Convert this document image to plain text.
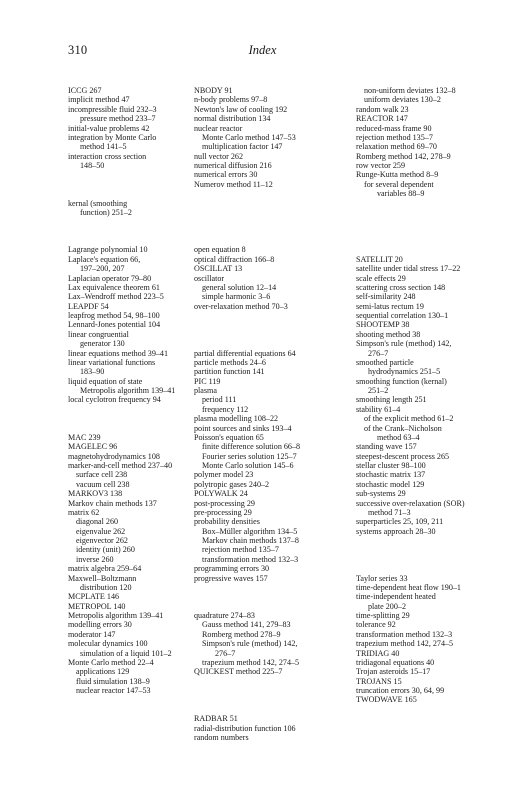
310	Index
ICCG 267
implicit method 47
incompressible fluid 232–3
pressure method 233–7
initial-value problems 42
integration by Monte Carlo
method 141–5
interaction cross section
148–50
kernal (smoothing
function) 251–2
Lagrange polynomial 10
Laplace's equation 66,
197–200, 207
Laplacian operator 79–80
Lax equivalence theorem 61
Lax–Wendroff method 223–5
LEAPDF 54
leapfrog method 54, 98–100
Lennard-Jones potential 104
linear congruential
generator 130
linear equations method 39–41
linear variational functions
183–90
liquid equation of state
Metropolis algorithm 139–41
local cyclotron frequency 94
MAC 239
MAGELEC 96
magnetohydrodynamics 108
marker-and-cell method 237–40
surface cell 238
vacuum cell 238
MARKOV3 138
Markov chain methods 137
matrix 62
diagonal 260
eigenvalue 262
eigenvector 262
identity (unit) 260
inverse 260
matrix algebra 259–64
Maxwell–Boltzmann
distribution 120
MCPLATE 146
METROPOL 140
Metropolis algorithm 139–41
modelling errors 30
moderator 147
molecular dynamics 100
simulation of a liquid 101–2
Monte Carlo method 22–4
applications 129
fluid simulation 138–9
nuclear reactor 147–53
NBODY 91
n-body problems 97–8
Newton's law of cooling 192
normal distribution 134
nuclear reactor
Monte Carlo method 147–53
multiplication factor 147
null vector 262
numerical diffusion 216
numerical errors 30
Numerov method 11–12
open equation 8
optical diffraction 166–8
OSCILLAT 13
oscillator
general solution 12–14
simple harmonic 3–6
over-relaxation method 70–3
partial differential equations 64
particle methods 24–6
partition function 141
PIC 119
plasma
period 111
frequency 112
plasma modelling 108–22
point sources and sinks 193–4
Poisson's equation 65
finite difference solution 66–8
Fourier series solution 125–7
Monte Carlo solution 145–6
polymer model 23
polytropic gases 240–2
POLYWALK 24
post-processing 29
pre-processing 29
probability densities
Box–Müller algorithm 134–5
Markov chain methods 137–8
rejection method 135–7
transformation method 132–3
programming errors 30
progressive waves 157
quadrature 274–83
Gauss method 141, 279–83
Romberg method 278–9
Simpson's rule (method) 142,
276–7
trapezium method 142, 274–5
QUICKEST method 225–7
RADBAR 51
radial-distribution function 106
random numbers
non-uniform deviates 132–8
uniform deviates 130–2
random walk 23
REACTOR 147
reduced-mass frame 90
rejection method 135–7
relaxation method 69–70
Romberg method 142, 278–9
row vector 259
Runge-Kutta method 8–9
for several dependent
variables 88–9
SATELLIT 20
satellite under tidal stress 17–22
scale effects 29
scattering cross section 148
self-similarity 248
semi-latus rectum 19
sequential correlation 130–1
SHOOTEMP 38
shooting method 38
Simpson's rule (method) 142,
276–7
smoothed particle
hydrodynamics 251–5
smoothing function (kernal)
251–2
smoothing length 251
stability 61–4
of the explicit method 61–2
of the Crank–Nicholson
method 63–4
standing wave 157
steepest-descent process 265
stellar cluster 98–100
stochastic matrix 137
stochastic model 129
sub-systems 29
successive over-relaxation (SOR)
method 71–3
superparticles 25, 109, 211
systems approach 28–30
Taylor series 33
time-dependent heat flow 190–1
time-independent heated
plate 200–2
time-splitting 29
tolerance 92
transformation method 132–3
trapezium method 142, 274–5
TRIDIAG 40
tridiagonal equations 40
Trojan asteroids 15–17
TROJANS 15
truncation errors 30, 64, 99
TWODWAVE 165
